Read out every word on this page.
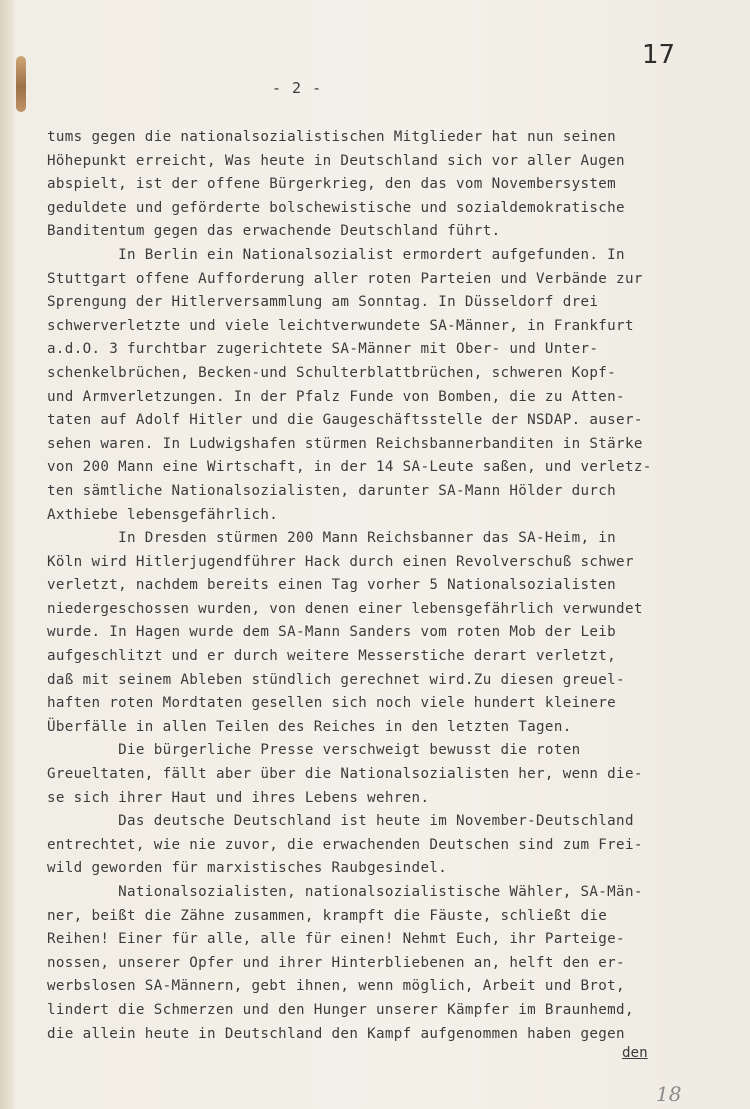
17
- 2 -
tums gegen die nationalsozialistischen Mitglieder hat nun seinen
Höhepunkt erreicht, Was heute in Deutschland sich vor aller Augen
abspielt, ist der offene Bürgerkrieg, den das vom Novembersystem
geduldete und geförderte bolschewistische und sozialdemokratische
Banditentum gegen das erwachende Deutschland führt.
In Berlin ein Nationalsozialist ermordert aufgefunden. In
Stuttgart offene Aufforderung aller roten Parteien und Verbände zur
Sprengung der Hitlerversammlung am Sonntag. In Düsseldorf drei
schwerverletzte und viele leichtverwundete SA-Männer, in Frankfurt
a.d.O. 3 furchtbar zugerichtete SA-Männer mit Ober- und Unter-
schenkelbrüchen, Becken-und Schulterblattbrüchen, schweren Kopf-
und Armverletzungen. In der Pfalz Funde von Bomben, die zu Atten-
taten auf Adolf Hitler und die Gaugeschäftsstelle der NSDAP. auser-
sehen waren. In Ludwigshafen stürmen Reichsbannerbanditen in Stärke
von 200 Mann eine Wirtschaft, in der 14 SA-Leute saßen, und verletz-
ten sämtliche Nationalsozialisten, darunter SA-Mann Hölder durch
Axthiebe lebensgefährlich.
In Dresden stürmen 200 Mann Reichsbanner das SA-Heim, in
Köln wird Hitlerjugendführer Hack durch einen Revolverschuß schwer
verletzt, nachdem bereits einen Tag vorher 5 Nationalsozialisten
niedergeschossen wurden, von denen einer lebensgefährlich verwundet
wurde. In Hagen wurde dem SA-Mann Sanders vom roten Mob der Leib
aufgeschlitzt und er durch weitere Messerstiche derart verletzt,
daß mit seinem Ableben stündlich gerechnet wird.Zu diesen greuel-
haften roten Mordtaten gesellen sich noch viele hundert kleinere
Überfälle in allen Teilen des Reiches in den letzten Tagen.
Die bürgerliche Presse verschweigt bewusst die roten
Greueltaten, fällt aber über die Nationalsozialisten her, wenn die-
se sich ihrer Haut und ihres Lebens wehren.
Das deutsche Deutschland ist heute im November-Deutschland
entrechtet, wie nie zuvor, die erwachenden Deutschen sind zum Frei-
wild geworden für marxistisches Raubgesindel.
Nationalsozialisten, nationalsozialistische Wähler, SA-Män-
ner, beißt die Zähne zusammen, krampft die Fäuste, schließt die
Reihen! Einer für alle, alle für einen! Nehmt Euch, ihr Parteige-
nossen, unserer Opfer und ihrer Hinterbliebenen an, helft den er-
werbslosen SA-Männern, gebt ihnen, wenn möglich, Arbeit und Brot,
lindert die Schmerzen und den Hunger unserer Kämpfer im Braunhemd,
die allein heute in Deutschland den Kampf aufgenommen haben gegen
den
18
